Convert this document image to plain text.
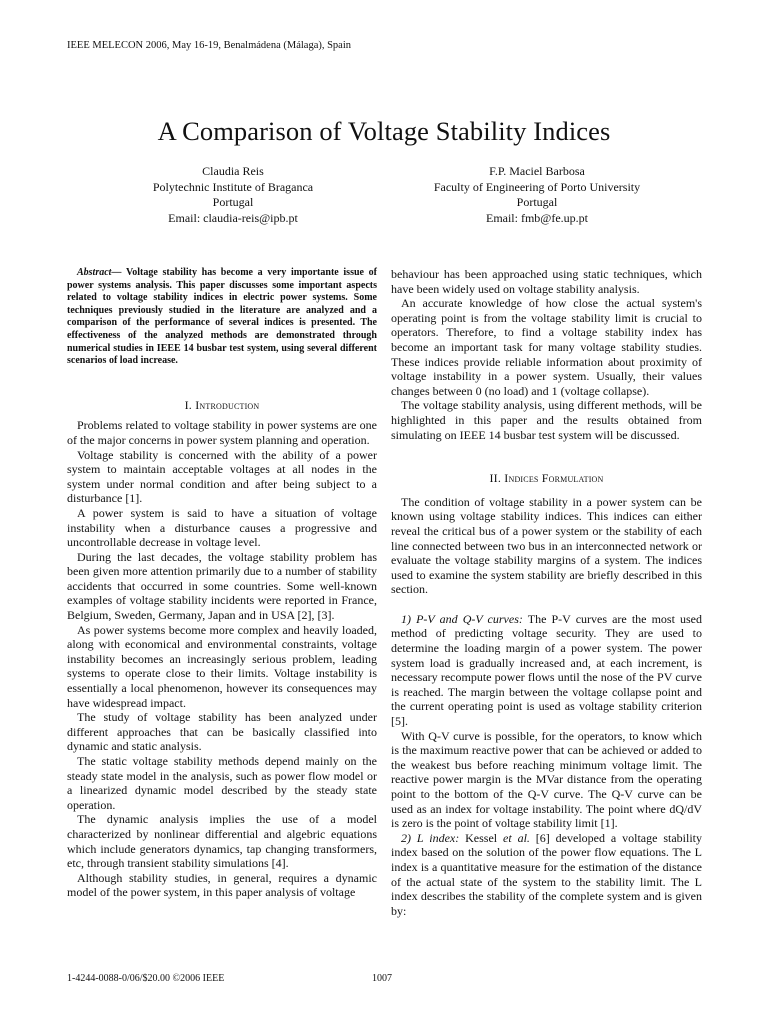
IEEE MELECON 2006, May 16-19, Benalmádena (Málaga), Spain
A Comparison of Voltage Stability Indices
Claudia Reis
Polytechnic Institute of Braganca
Portugal
Email: claudia-reis@ipb.pt
F.P. Maciel Barbosa
Faculty of Engineering of Porto University
Portugal
Email: fmb@fe.up.pt

Abstract— Voltage stability has become a very importante issue of power systems analysis. This paper discusses some important aspects related to voltage stability indices in electric power systems. Some techniques previously studied in the literature are analyzed and a comparison of the performance of several indices is presented. The effectiveness of the analyzed methods are demonstrated through numerical studies in IEEE 14 busbar test system, using several different scenarios of load increase.

I. Introduction

Problems related to voltage stability in power systems are one of the major concerns in power system planning and operation.

Voltage stability is concerned with the ability of a power system to maintain acceptable voltages at all nodes in the system under normal condition and after being subject to a disturbance [1].

A power system is said to have a situation of voltage instability when a disturbance causes a progressive and uncontrollable decrease in voltage level.

During the last decades, the voltage stability problem has been given more attention primarily due to a number of stability accidents that occurred in some countries. Some well-known examples of voltage stability incidents were reported in France, Belgium, Sweden, Germany, Japan and in USA [2], [3].

As power systems become more complex and heavily loaded, along with economical and environmental constraints, voltage instability becomes an increasingly serious problem, leading systems to operate close to their limits. Voltage instability is essentially a local phenomenon, however its consequences may have widespread impact.

The study of voltage stability has been analyzed under different approaches that can be basically classified into dynamic and static analysis.

The static voltage stability methods depend mainly on the steady state model in the analysis, such as power flow model or a linearized dynamic model described by the steady state operation.

The dynamic analysis implies the use of a model characterized by nonlinear differential and algebric equations which include generators dynamics, tap changing transformers, etc, through transient stability simulations [4].

Although stability studies, in general, requires a dynamic model of the power system, in this paper analysis of voltage

behaviour has been approached using static techniques, which have been widely used on voltage stability analysis.

An accurate knowledge of how close the actual system's operating point is from the voltage stability limit is crucial to operators. Therefore, to find a voltage stability index has become an important task for many voltage stability studies. These indices provide reliable information about proximity of voltage instability in a power system. Usually, their values changes between 0 (no load) and 1 (voltage collapse).

The voltage stability analysis, using different methods, will be highlighted in this paper and the results obtained from simulating on IEEE 14 busbar test system will be discussed.

II. Indices Formulation

The condition of voltage stability in a power system can be known using voltage stability indices. This indices can either reveal the critical bus of a power system or the stability of each line connected between two bus in an interconnected network or evaluate the voltage stability margins of a system. The indices used to examine the system stability are briefly described in this section.

1) P-V and Q-V curves: The P-V curves are the most used method of predicting voltage security. They are used to determine the loading margin of a power system. The power system load is gradually increased and, at each increment, is necessary recompute power flows until the nose of the PV curve is reached. The margin between the voltage collapse point and the current operating point is used as voltage stability criterion [5].

With Q-V curve is possible, for the operators, to know which is the maximum reactive power that can be achieved or added to the weakest bus before reaching minimum voltage limit. The reactive power margin is the MVar distance from the operating point to the bottom of the Q-V curve. The Q-V curve can be used as an index for voltage instability. The point where dQ/dV is zero is the point of voltage stability limit [1].

2) L index: Kessel et al. [6] developed a voltage stability index based on the solution of the power flow equations. The L index is a quantitative measure for the estimation of the distance of the actual state of the system to the stability limit. The L index describes the stability of the complete system and is given by:

1-4244-0088-0/06/$20.00 ©2006 IEEE	1007
